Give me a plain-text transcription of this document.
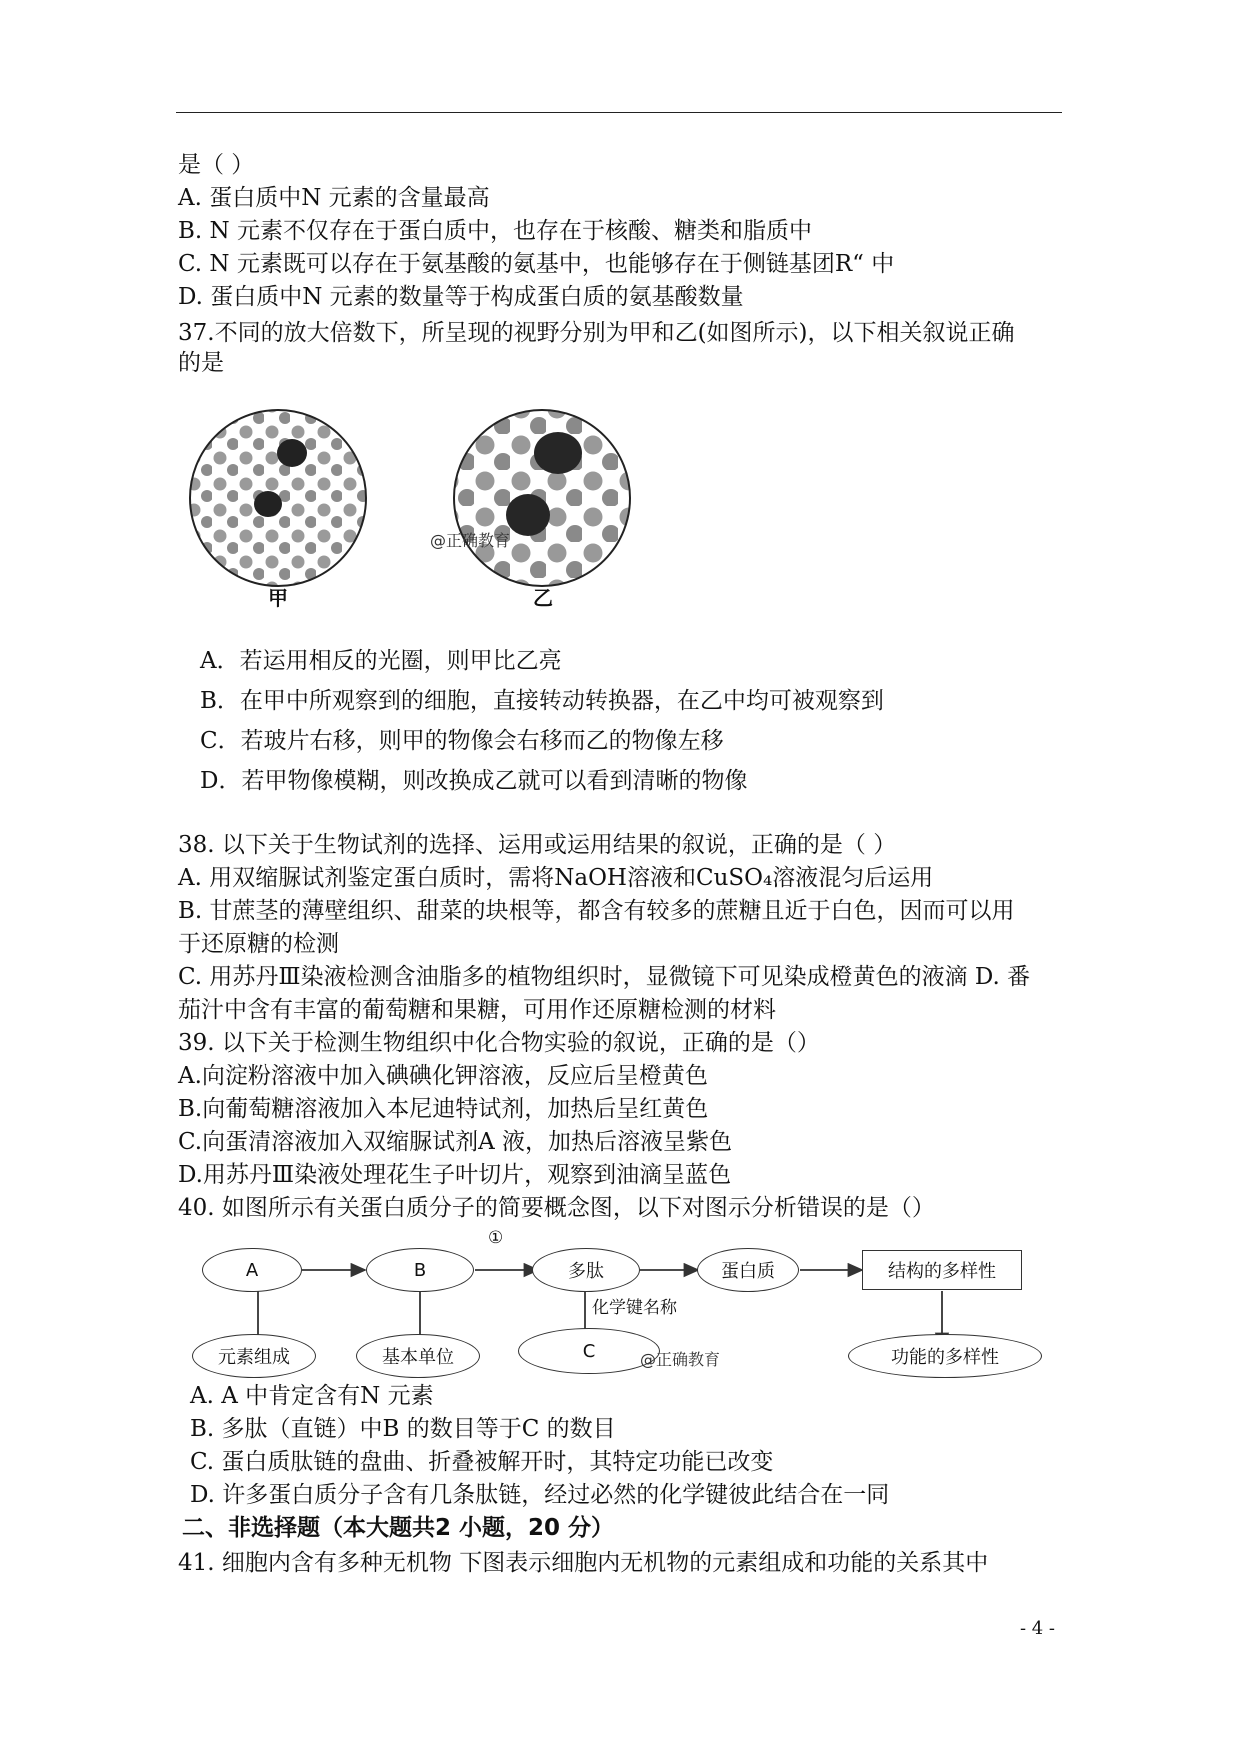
是（ ）
A. 蛋白质中N 元素的含量最高
B. N 元素不仅存在于蛋白质中，也存在于核酸、糖类和脂质中
C. N 元素既可以存在于氨基酸的氨基中，也能够存在于侧链基团R“ 中
D. 蛋白质中N 元素的数量等于构成蛋白质的氨基酸数量
37.不同的放大倍数下，所呈现的视野分别为甲和乙(如图所示)，以下相关叙说正确
的是
@正确教育
甲	乙
A．若运用相反的光圈，则甲比乙亮
B．在甲中所观察到的细胞，直接转动转换器，在乙中均可被观察到
C．若玻片右移，则甲的物像会右移而乙的物像左移
D．若甲物像模糊，则改换成乙就可以看到清晰的物像
38. 以下关于生物试剂的选择、运用或运用结果的叙说，正确的是（ ）
A. 用双缩脲试剂鉴定蛋白质时，需将NaOH溶液和CuSO₄溶液混匀后运用
B. 甘蔗茎的薄壁组织、甜菜的块根等，都含有较多的蔗糖且近于白色，因而可以用
于还原糖的检测
C. 用苏丹Ⅲ染液检测含油脂多的植物组织时，显微镜下可见染成橙黄色的液滴 D. 番
茄汁中含有丰富的葡萄糖和果糖，可用作还原糖检测的材料
39. 以下关于检测生物组织中化合物实验的叙说，正确的是（）
A.向淀粉溶液中加入碘碘化钾溶液，反应后呈橙黄色
B.向葡萄糖溶液加入本尼迪特试剂，加热后呈红黄色
C.向蛋清溶液加入双缩脲试剂A 液，加热后溶液呈紫色
D.用苏丹Ⅲ染液处理花生子叶切片，观察到油滴呈蓝色
40. 如图所示有关蛋白质分子的简要概念图，以下对图示分析错误的是（）
A	B
①
多肽	蛋白质	结构的多样性
化学键名称
元素组成	基本单位	C	@正确教育	功能的多样性
A. A 中肯定含有N 元素
B. 多肽（直链）中B 的数目等于C 的数目
C. 蛋白质肽链的盘曲、折叠被解开时，其特定功能已改变
D. 许多蛋白质分子含有几条肽链，经过必然的化学键彼此结合在一同
二、非选择题（本大题共2 小题，20 分）
41. 细胞内含有多种无机物 下图表示细胞内无机物的元素组成和功能的关系其中
- 4 -
